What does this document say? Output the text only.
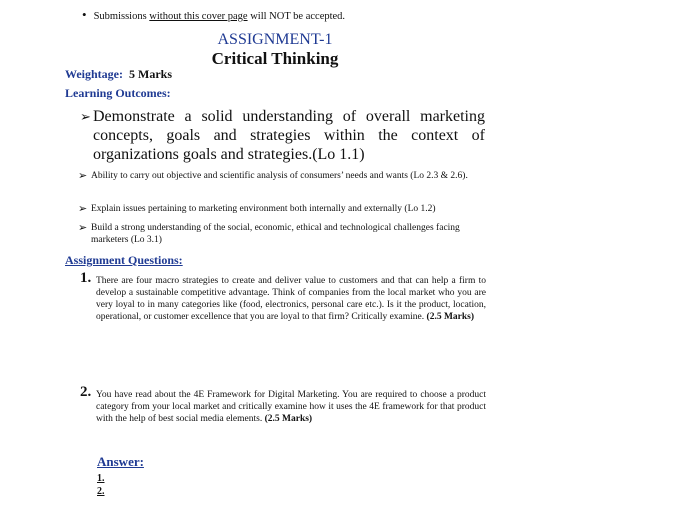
• Submissions without this cover page will NOT be accepted.
ASSIGNMENT-1
Critical Thinking
Weightage: 5 Marks
Learning Outcomes:
➢ Demonstrate a solid understanding of overall marketing concepts, goals and strategies within the context of organizations goals and strategies.(Lo 1.1)
➢ Ability to carry out objective and scientific analysis of consumers’ needs and wants (Lo 2.3 & 2.6).
➢ Explain issues pertaining to marketing environment both internally and externally (Lo 1.2)
➢ Build a strong understanding of the social, economic, ethical and technological challenges facing marketers (Lo 3.1)
Assignment Questions:
1. There are four macro strategies to create and deliver value to customers and that can help a firm to develop a sustainable competitive advantage. Think of companies from the local market who you are very loyal to in many categories like (food, electronics, personal care etc.). Is it the product, location, operational, or customer excellence that you are loyal to that firm? Critically examine. (2.5 Marks)
2. You have read about the 4E Framework for Digital Marketing. You are required to choose a product category from your local market and critically examine how it uses the 4E framework for that product with the help of best social media elements. (2.5 Marks)
Answer:
1.
2.
